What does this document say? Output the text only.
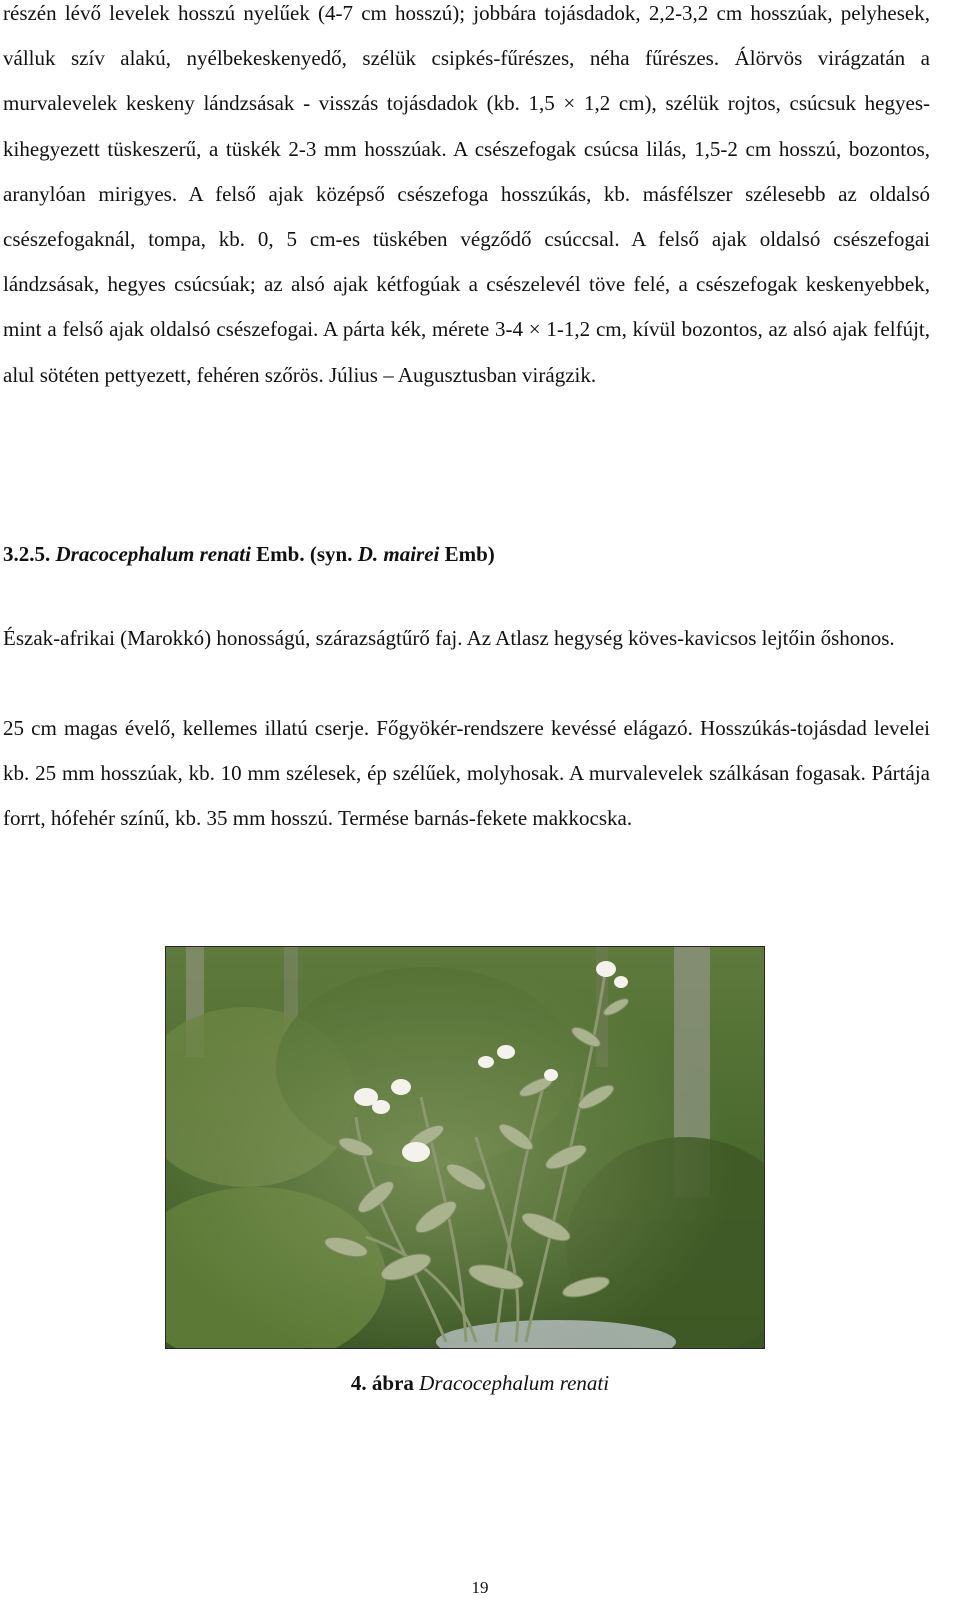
részén lévő levelek hosszú nyelűek (4-7 cm hosszú); jobbára tojásdadok, 2,2-3,2 cm hosszúak, pelyhesek, válluk szív alakú, nyélbekeskenyedő, szélük csipkés-fűrészes, néha fűrészes. Álörvös virágzatán a murvalevelek keskeny lándzsásak - visszás tojásdadok (kb. 1,5 × 1,2 cm), szélük rojtos, csúcsuk hegyes-kihegyezett tüskeszerű, a tüskék 2-3 mm hosszúak. A csészefogak csúcsa lilás, 1,5-2 cm hosszú, bozontos, aranylóan mirigyes. A felső ajak középső csészefoga hosszúkás, kb. másfélszer szélesebb az oldalsó csészefogaknál, tompa, kb. 0, 5 cm-es tüskében végződő csúccsal. A felső ajak oldalsó csészefogai lándzsásak, hegyes csúcsúak; az alsó ajak kétfogúak a csészelevél töve felé, a csészefogak keskenyebbek, mint a felső ajak oldalsó csészefogai. A párta kék, mérete 3-4 × 1-1,2 cm, kívül bozontos, az alsó ajak felfújt, alul sötéten pettyezett, fehéren szőrös. Július – Augusztusban virágzik.

3.2.5. Dracocephalum renati Emb. (syn. D. mairei Emb)

Észak-afrikai (Marokkó) honosságú, szárazságtűrő faj. Az Atlasz hegység köves-kavicsos lejtőin őshonos.

25 cm magas évelő, kellemes illatú cserje. Főgyökér-rendszere kevéssé elágazó. Hosszúkás-tojásdad levelei kb. 25 mm hosszúak, kb. 10 mm szélesek, ép szélűek, molyhosak. A murvalevelek szálkásan fogasak. Pártája forrt, hófehér színű, kb. 35 mm hosszú. Termése barnás-fekete makkocska.

4. ábra Dracocephalum renati

19
